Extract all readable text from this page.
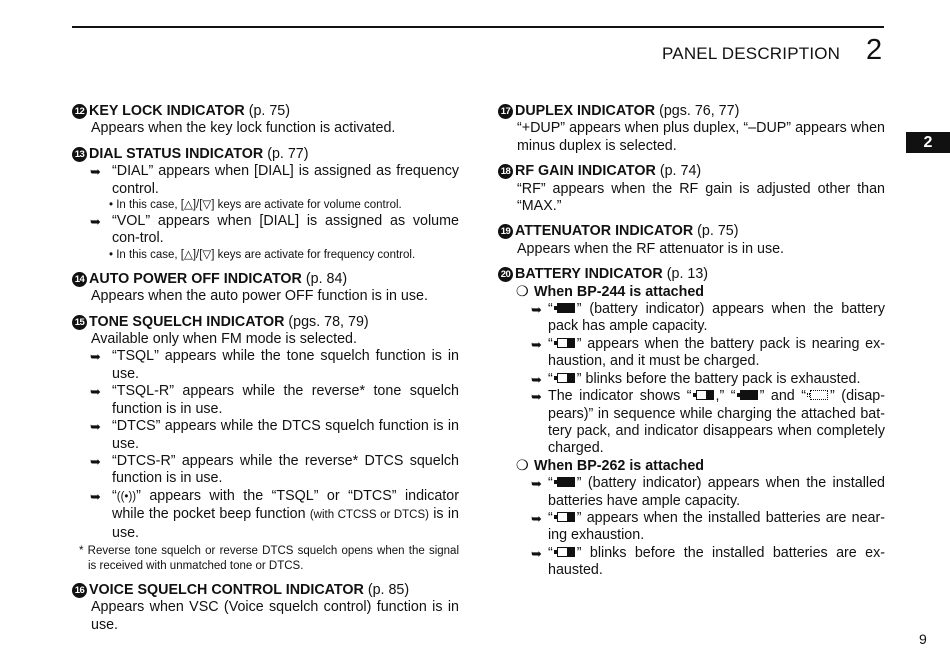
PANEL DESCRIPTION 2
2
12 KEY LOCK INDICATOR (p. 75)
Appears when the key lock function is activated.
13 DIAL STATUS INDICATOR (p. 77)
➥ “DIAL” appears when [DIAL] is assigned as frequency control.
• In this case, [△]/[▽] keys are activate for volume control.
➥ “VOL” appears when [DIAL] is assigned as volume con-trol.
• In this case, [△]/[▽] keys are activate for frequency control.
14 AUTO POWER OFF INDICATOR (p. 84)
Appears when the auto power OFF function is in use.
15 TONE SQUELCH INDICATOR (pgs. 78, 79)
Available only when FM mode is selected.
➥ “TSQL” appears while the tone squelch function is in use.
➥ “TSQL-R” appears while the reverse* tone squelch function is in use.
➥ “DTCS” appears while the DTCS squelch function is in use.
➥ “DTCS-R” appears while the reverse* DTCS squelch function is in use.
➥ “((•))” appears with the “TSQL” or “DTCS” indicator while the pocket beep function (with CTCSS or DTCS) is in use.
* Reverse tone squelch or reverse DTCS squelch opens when the signal is received with unmatched tone or DTCS.
16 VOICE SQUELCH CONTROL INDICATOR (p. 85)
Appears when VSC (Voice squelch control) function is in use.
17 DUPLEX INDICATOR (pgs. 76, 77)
“+DUP” appears when plus duplex, “–DUP” appears when minus duplex is selected.
18 RF GAIN INDICATOR (p. 74)
“RF” appears when the RF gain is adjusted other than “MAX.”
19 ATTENUATOR INDICATOR (p. 75)
Appears when the RF attenuator is in use.
20 BATTERY INDICATOR (p. 13)
❍ When BP-244 is attached
➥ “ ” (battery indicator) appears when the battery pack has ample capacity.
➥ “ ” appears when the battery pack is nearing ex-haustion, and it must be charged.
➥ “ ” blinks before the battery pack is exhausted.
➥ The indicator shows “ ,” “ ” and “ ” (disap-pears)” in sequence while charging the attached bat-tery pack, and indicator disappears when completely charged.
❍ When BP-262 is attached
➥ “ ” (battery indicator) appears when the installed batteries have ample capacity.
➥ “ ” appears when the installed batteries are near-ing exhaustion.
➥ “ ” blinks before the installed batteries are ex-hausted.
9
